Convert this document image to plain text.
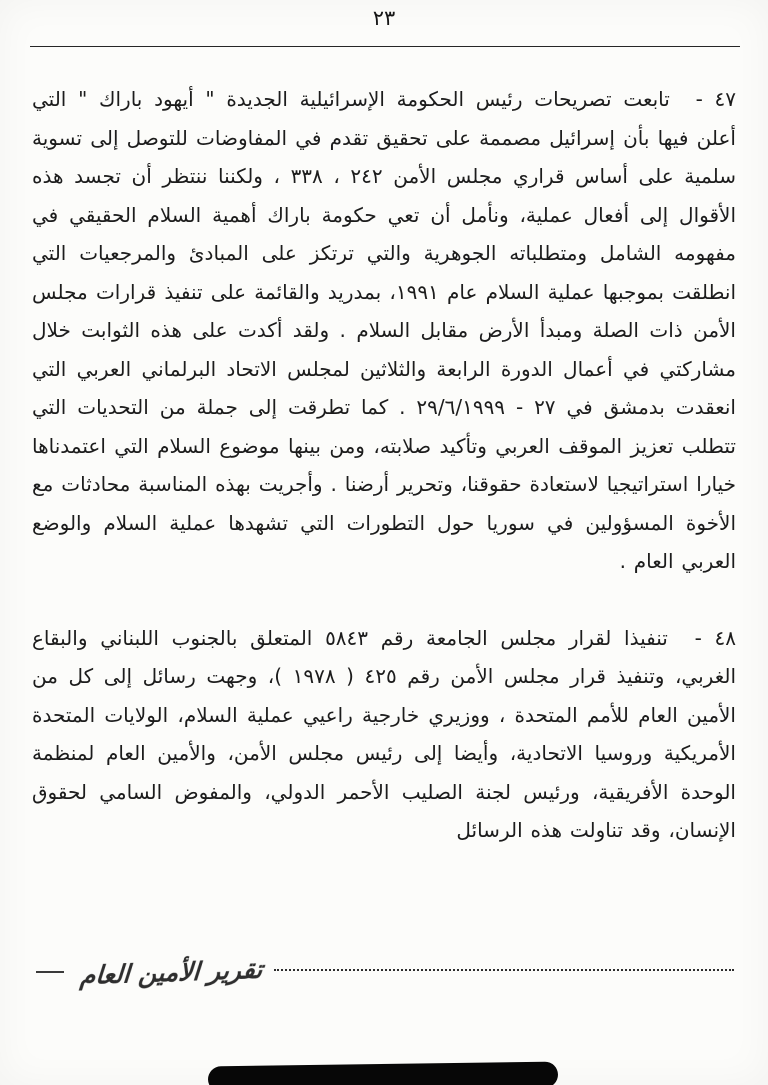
٢٣

٤٧ - تابعت تصريحات رئيس الحكومة الإسرائيلية الجديدة " أيهود باراك " التي أعلن فيها بأن إسرائيل مصممة على تحقيق تقدم في المفاوضات للتوصل إلى تسوية سلمية على أساس قراري مجلس الأمن ٢٤٢ ، ٣٣٨ ، ولكننا ننتظر أن تجسد هذه الأقوال إلى أفعال عملية، ونأمل أن تعي حكومة باراك أهمية السلام الحقيقي في مفهومه الشامل ومتطلباته الجوهرية والتي ترتكز على المبادئ والمرجعيات التي انطلقت بموجبها عملية السلام عام ١٩٩١، بمدريد والقائمة على تنفيذ قرارات مجلس الأمن ذات الصلة ومبدأ الأرض مقابل السلام . ولقد أكدت على هذه الثوابت خلال مشاركتي في أعمال الدورة الرابعة والثلاثين لمجلس الاتحاد البرلماني العربي التي انعقدت بدمشق في ٢٧ - ٢٩/٦/١٩٩٩ . كما تطرقت إلى جملة من التحديات التي تتطلب تعزيز الموقف العربي وتأكيد صلابته، ومن بينها موضوع السلام التي اعتمدناها خيارا استراتيجيا لاستعادة حقوقنا، وتحرير أرضنا . وأجريت بهذه المناسبة محادثات مع الأخوة المسؤولين في سوريا حول التطورات التي تشهدها عملية السلام والوضع العربي العام .

٤٨ - تنفيذا لقرار مجلس الجامعة رقم ٥٨٤٣ المتعلق بالجنوب اللبناني والبقاع الغربي، وتنفيذ قرار مجلس الأمن رقم ٤٢٥ ( ١٩٧٨ )، وجهت رسائل إلى كل من الأمين العام للأمم المتحدة ، ووزيري خارجية راعيي عملية السلام، الولايات المتحدة الأمريكية وروسيا الاتحادية، وأيضا إلى رئيس مجلس الأمن، والأمين العام لمنظمة الوحدة الأفريقية، ورئيس لجنة الصليب الأحمر الدولي، والمفوض السامي لحقوق الإنسان، وقد تناولت هذه الرسائل

تقرير الأمين العام
